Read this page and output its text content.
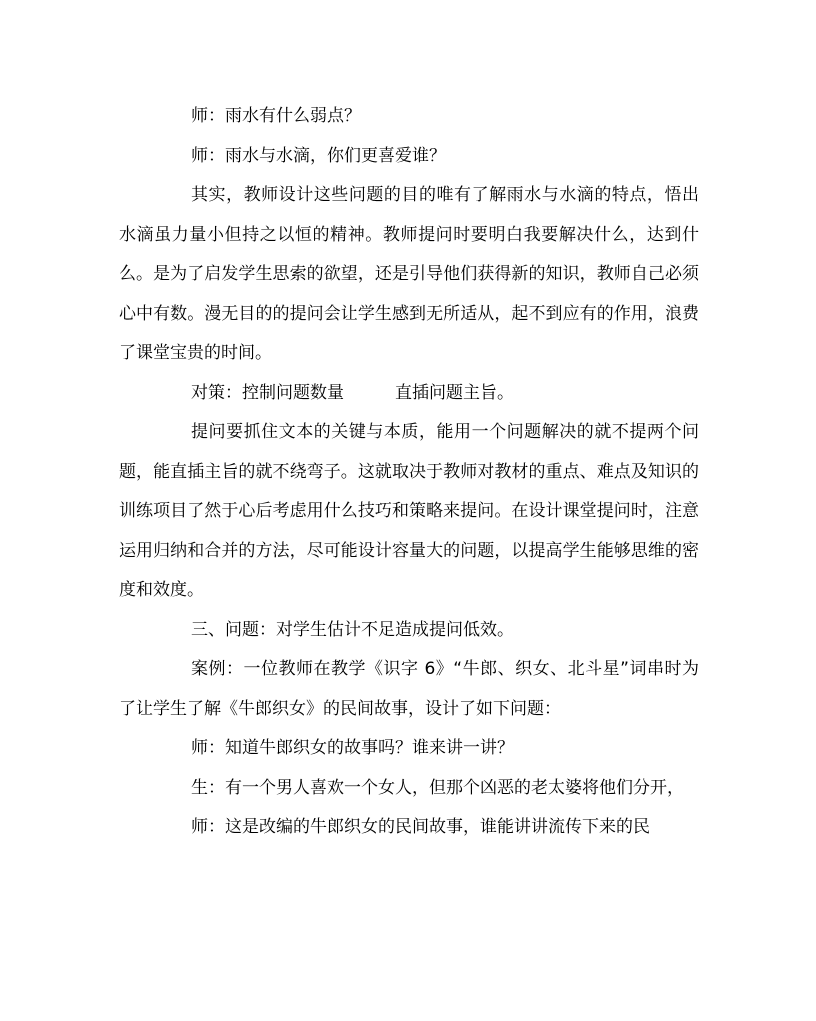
师：雨水有什么弱点？

师：雨水与水滴，你们更喜爱谁？

其实，教师设计这些问题的目的唯有了解雨水与水滴的特点，悟出水滴虽力量小但持之以恒的精神。教师提问时要明白我要解决什么，达到什么。是为了启发学生思索的欲望，还是引导他们获得新的知识，教师自己必须心中有数。漫无目的的提问会让学生感到无所适从，起不到应有的作用，浪费了课堂宝贵的时间。

对策：控制问题数量　　　直插问题主旨。

提问要抓住文本的关键与本质，能用一个问题解决的就不提两个问题，能直插主旨的就不绕弯子。这就取决于教师对教材的重点、难点及知识的训练项目了然于心后考虑用什么技巧和策略来提问。在设计课堂提问时，注意运用归纳和合并的方法，尽可能设计容量大的问题，以提高学生能够思维的密度和效度。

三、问题：对学生估计不足造成提问低效。

案例：一位教师在教学《识字 6》“牛郎、织女、北斗星”词串时为了让学生了解《牛郎织女》的民间故事，设计了如下问题：

师：知道牛郎织女的故事吗？谁来讲一讲？

生：有一个男人喜欢一个女人，但那个凶恶的老太婆将他们分开，

师：这是改编的牛郎织女的民间故事，谁能讲讲流传下来的民
